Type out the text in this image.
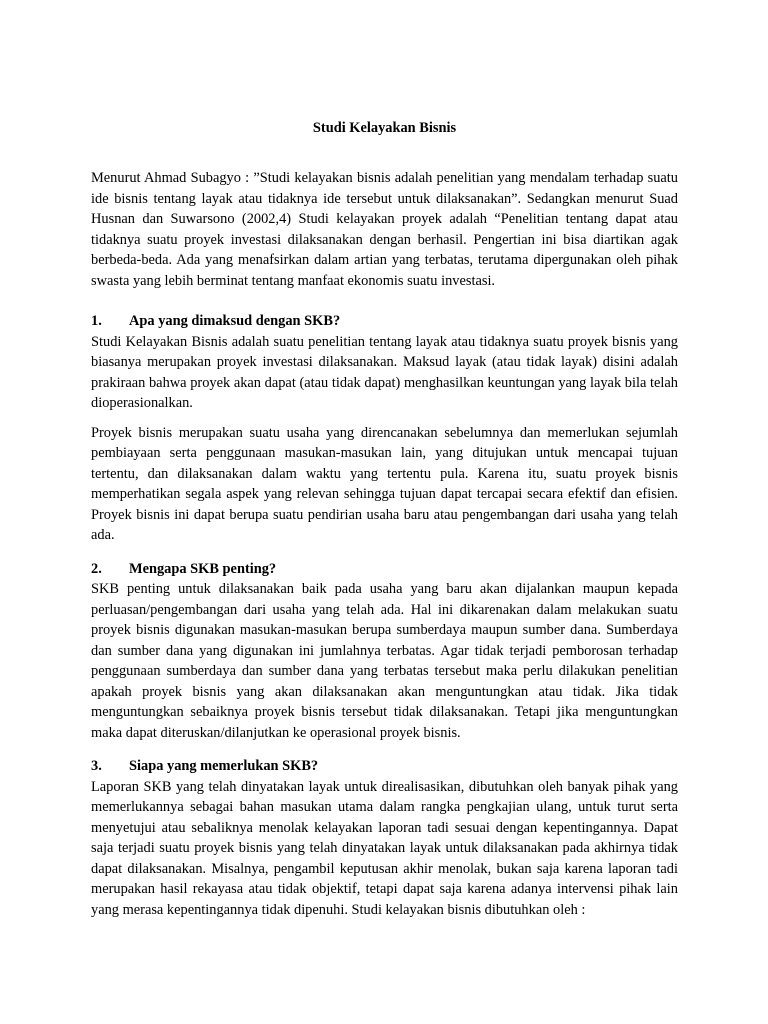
Studi Kelayakan Bisnis

Menurut Ahmad Subagyo : ”Studi kelayakan bisnis adalah penelitian yang mendalam terhadap suatu ide bisnis tentang layak atau tidaknya ide tersebut untuk dilaksanakan”. Sedangkan menurut Suad Husnan dan Suwarsono (2002,4) Studi kelayakan proyek adalah “Penelitian tentang dapat atau tidaknya suatu proyek investasi dilaksanakan dengan berhasil. Pengertian ini bisa diartikan agak berbeda-beda. Ada yang menafsirkan dalam artian yang terbatas, terutama dipergunakan oleh pihak swasta yang lebih berminat tentang manfaat ekonomis suatu investasi.

1.	Apa yang dimaksud dengan SKB?

Studi Kelayakan Bisnis adalah suatu penelitian tentang layak atau tidaknya suatu proyek bisnis yang biasanya merupakan proyek investasi dilaksanakan. Maksud layak (atau tidak layak) disini adalah prakiraan bahwa proyek akan dapat (atau tidak dapat) menghasilkan keuntungan yang layak bila telah dioperasionalkan.

Proyek bisnis merupakan suatu usaha yang direncanakan sebelumnya dan memerlukan sejumlah pembiayaan serta penggunaan masukan-masukan lain, yang ditujukan untuk mencapai tujuan tertentu, dan dilaksanakan dalam waktu yang tertentu pula. Karena itu, suatu proyek bisnis memperhatikan segala aspek yang relevan sehingga tujuan dapat tercapai secara efektif dan efisien. Proyek bisnis ini dapat berupa suatu pendirian usaha baru atau pengembangan dari usaha yang telah ada.

2.	Mengapa SKB penting?

SKB penting untuk dilaksanakan baik pada usaha yang baru akan dijalankan maupun kepada perluasan/pengembangan dari usaha yang telah ada. Hal ini dikarenakan dalam melakukan suatu proyek bisnis digunakan masukan-masukan berupa sumberdaya maupun sumber dana. Sumberdaya dan sumber dana yang digunakan ini jumlahnya terbatas. Agar tidak terjadi pemborosan terhadap penggunaan sumberdaya dan sumber dana yang terbatas tersebut maka perlu dilakukan penelitian apakah proyek bisnis yang akan dilaksanakan akan menguntungkan atau tidak. Jika tidak menguntungkan sebaiknya proyek bisnis tersebut tidak dilaksanakan. Tetapi jika menguntungkan maka dapat diteruskan/dilanjutkan ke operasional proyek bisnis.

3.	Siapa yang memerlukan SKB?

Laporan SKB yang telah dinyatakan layak untuk direalisasikan, dibutuhkan oleh banyak pihak yang memerlukannya sebagai bahan masukan utama dalam rangka pengkajian ulang, untuk turut serta menyetujui atau sebaliknya menolak kelayakan laporan tadi sesuai dengan kepentingannya. Dapat saja terjadi suatu proyek bisnis yang telah dinyatakan layak untuk dilaksanakan pada akhirnya tidak dapat dilaksanakan. Misalnya, pengambil keputusan akhir menolak, bukan saja karena laporan tadi merupakan hasil rekayasa atau tidak objektif, tetapi dapat saja karena adanya intervensi pihak lain yang merasa kepentingannya tidak dipenuhi. Studi kelayakan bisnis dibutuhkan oleh :
